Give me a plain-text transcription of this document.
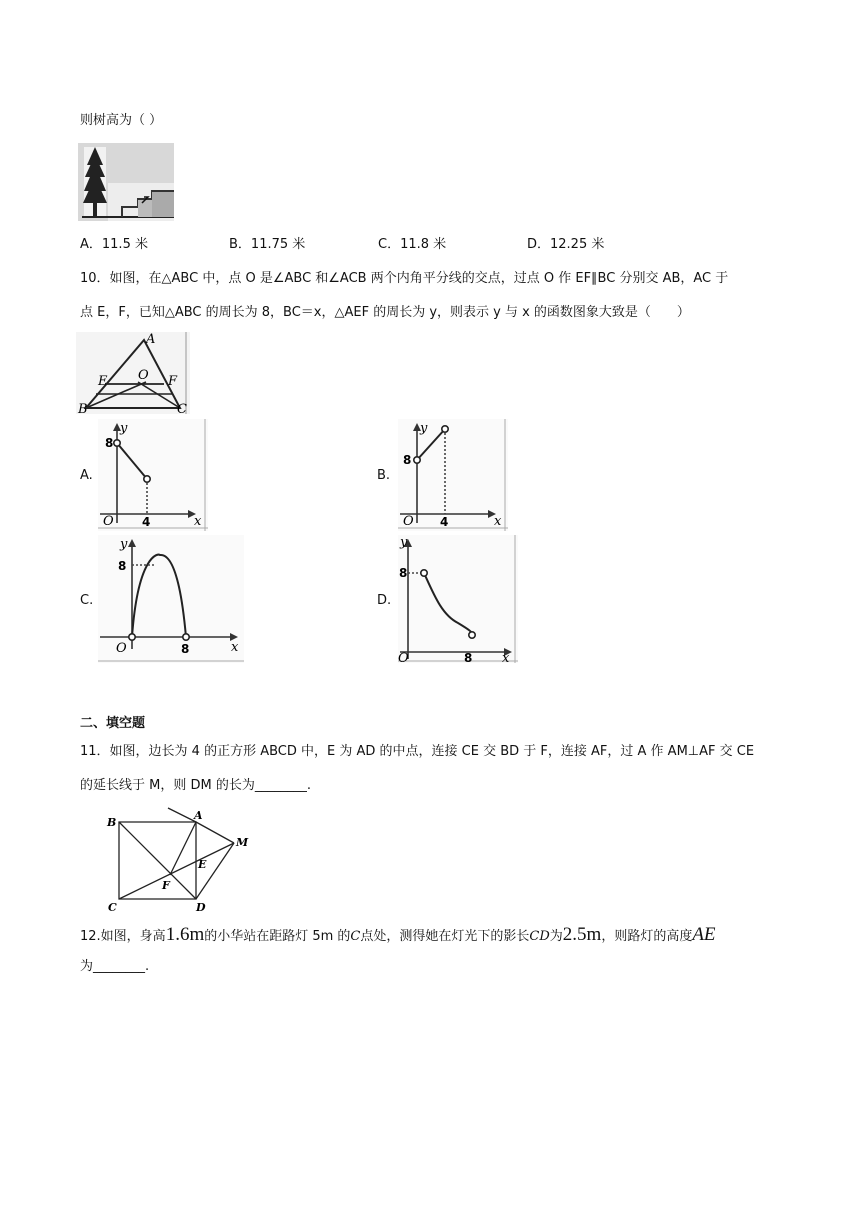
则树高为（ ）
A．11.5 米	B．11.75 米	C．11.8 米	D．12.25 米
10．如图，在△ABC 中，点 O 是∠ABC 和∠ACB 两个内角平分线的交点，过点 O 作 EF∥BC 分别交 AB，AC 于
点 E，F，已知△ABC 的周长为 8，BC＝x，△AEF 的周长为 y，则表示 y 与 x 的函数图象大致是（　　）
A
E O F
B	C
A.	B.
C.	D.
y
x
O
8
4
y
x
O
8
4
y
x
O
8
8
y
x
O
8
8
二、填空题
11．如图，边长为 4 的正方形 ABCD 中，E 为 AD 的中点，连接 CE 交 BD 于 F，连接 AF，过 A 作 AM⊥AF 交 CE
的延长线于 M，则 DM 的长为________.
B
A
M
E
F
C	D
12.如图，身高1.6m的小华站在距路灯 5m 的C点处，测得她在灯光下的影长CD为2.5m，则路灯的高度AE
为________.
